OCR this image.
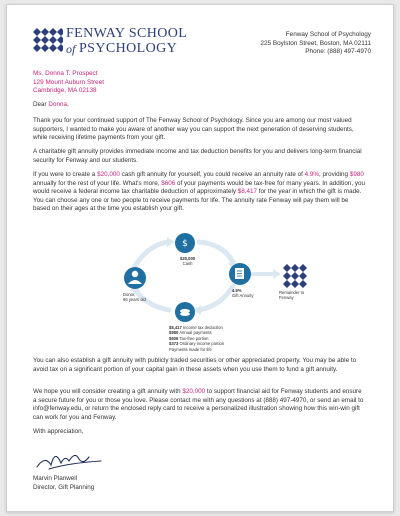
FENWAY SCHOOL
of PSYCHOLOGY
Fenway School of Psychology
225 Boylston Street, Boston, MA 02111
Phone: (888) 497-4970
Ms. Donna T. Prospect
129 Mount Auburn Street
Cambridge, MA 02138
Dear Donna,
Thank you for your continued support of The Fenway School of Psychology. Since you are among our most valued supporters, I wanted to make you aware of another way you can support the next generation of deserving students, while receiving lifetime payments from your gift.
A charitable gift annuity provides immediate income and tax deduction benefits for you and delivers long-term financial security for Fenway and our students.
If you were to create a $20,000 cash gift annuity for yourself, you could receive an annuity rate of 4.9%, providing $980 annually for the rest of your life. What's more, $606 of your payments would be tax-free for many years. In addition, you would receive a federal income tax charitable deduction of approximately $8,417 for the year in which the gift is made. You can choose any one or two people to receive payments for life. The annuity rate Fenway will pay them will be based on their ages at the time you establish your gift.
$
$20,000
Cash
Donor,
66 years old
4.9%
Gift Annuity
Remainder to
Fenway
$8,417 Income tax deduction
$980 Annual payments
$606 Tax-free portion
$373 Ordinary income portion
Payments made for life
You can also establish a gift annuity with publicly traded securities or other appreciated property. You may be able to avoid tax on a significant portion of your capital gain in these assets when you use them to fund a gift annuity.
We hope you will consider creating a gift annuity with $20,000 to support financial aid for Fenway students and ensure a secure future for you or those you love. Please contact me with any questions at (888) 497-4970, or send an email to info@fenway.edu, or return the enclosed reply card to receive a personalized illustration showing how this win-win gift can work for you and Fenway.
With appreciation,
Marvin Planwell
Director, Gift Planning
